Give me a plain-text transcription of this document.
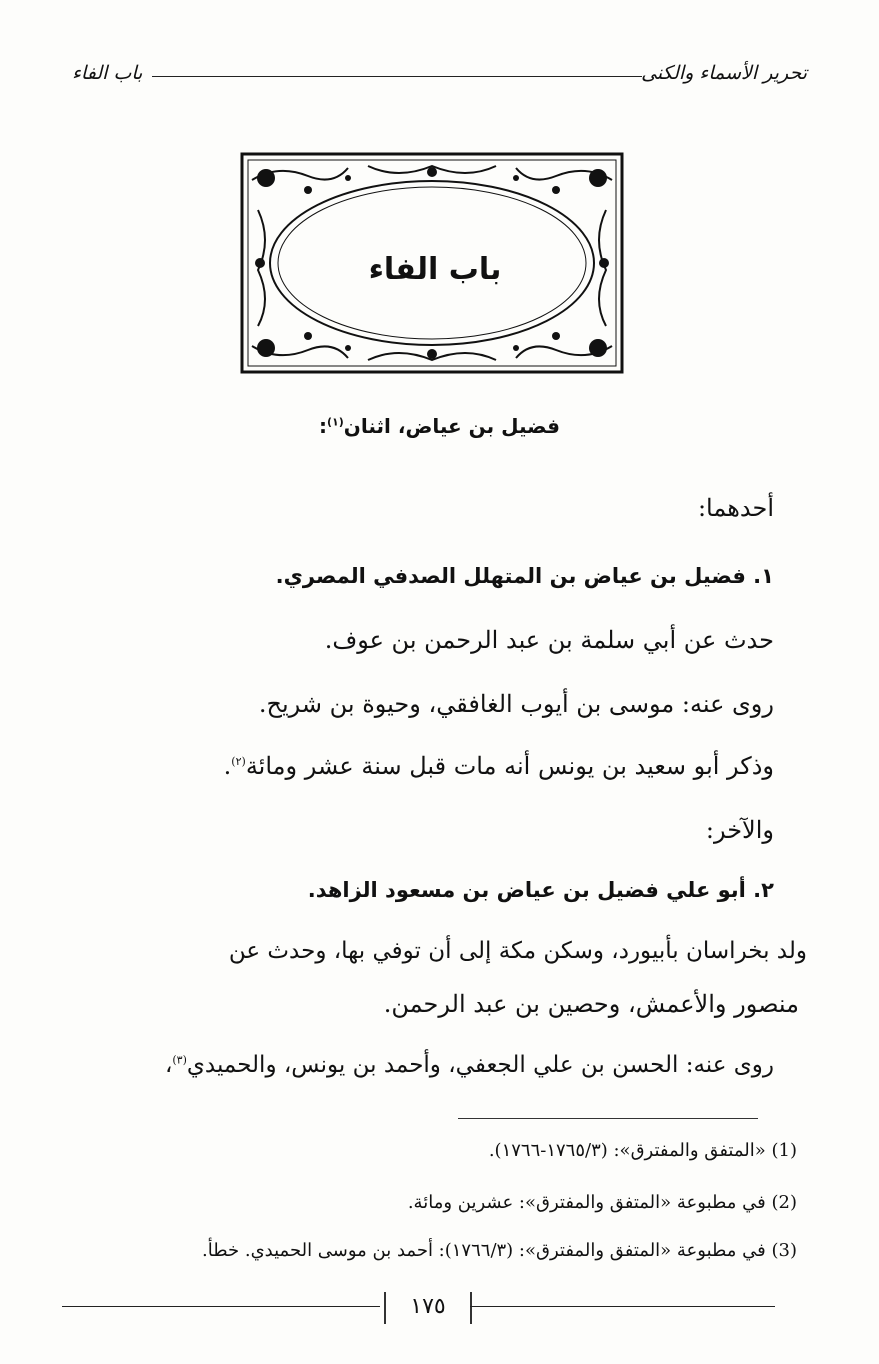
تحرير الأسماء والكنى
باب الفاء
باب الفاء
فضيل بن عياض، اثنان$^{(١)}$:
أحدهما:
١. فضيل بن عياض بن المتهلل الصدفي المصري.
حدث عن أبي سلمة بن عبد الرحمن بن عوف.
روى عنه: موسى بن أيوب الغافقي، وحيوة بن شريح.
وذكر أبو سعيد بن يونس أنه مات قبل سنة عشر ومائة$^{(٢)}$.
والآخر:
٢. أبو علي فضيل بن عياض بن مسعود الزاهد.
ولد بخراسان بأبيورد، وسكن مكة إلى أن توفي بها، وحدث عن
منصور والأعمش، وحصين بن عبد الرحمن.
روى عنه: الحسن بن علي الجعفي، وأحمد بن يونس، والحميدي$^{(٣)}$،
(1) «المتفق والمفترق»: (١٧٦٥/٣-١٧٦٦).
(2) في مطبوعة «المتفق والمفترق»: عشرين ومائة.
(3) في مطبوعة «المتفق والمفترق»: (١٧٦٦/٣): أحمد بن موسى الحميدي. خطأ.
١٧٥
